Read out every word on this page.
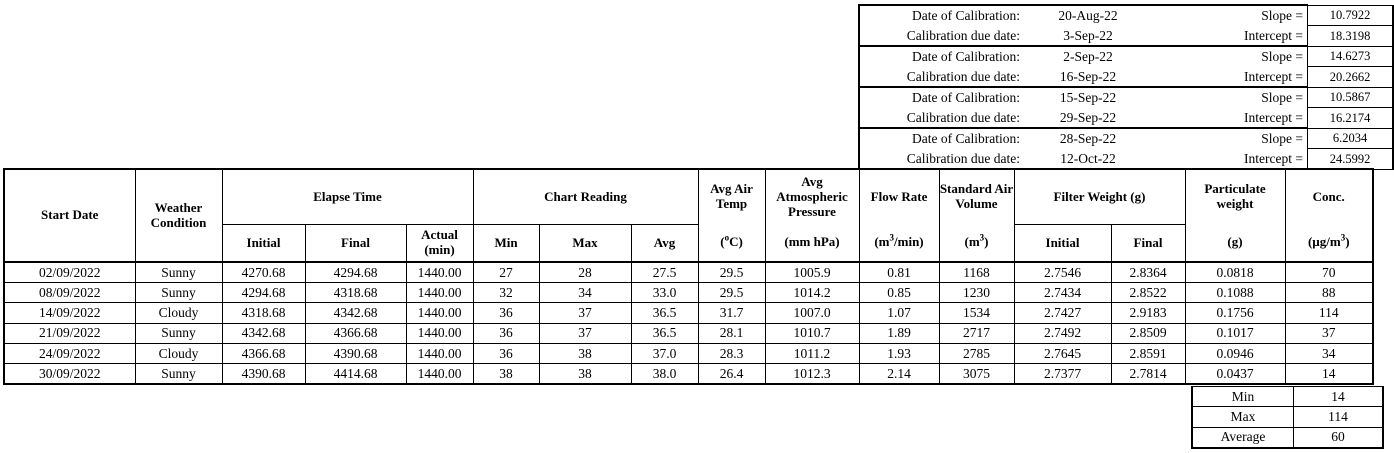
Date of Calibration:	20-Aug-22	Slope =	10.7922
Calibration due date:	3-Sep-22	Intercept =	18.3198
Date of Calibration:	2-Sep-22	Slope =	14.6273
Calibration due date:	16-Sep-22	Intercept =	20.2662
Date of Calibration:	15-Sep-22	Slope =	10.5867
Calibration due date:	29-Sep-22	Intercept =	16.2174
Date of Calibration:	28-Sep-22	Slope =	6.2034
Calibration due date:	12-Oct-22	Intercept =	24.5992
Start Date	Weather Condition	Elapse Time			Chart Reading			Avg Air Temp	Avg Atmospheric Pressure	Flow Rate	Standard Air Volume	Filter Weight (g)		Particulate weight	Conc.
		Initial	Final	Actual (min)	Min	Max	Avg	($^o$C)	(mm hPa)	$(m^3/\min)$	$(m^3)$	Initial	Final	(g)	$(\mu g/m^3)$
02/09/2022	Sunny	4270.68	4294.68	1440.00	27	28	27.5	29.5	1005.9	0.81	1168	2.7546	2.8364	0.0818	70
08/09/2022	Sunny	4294.68	4318.68	1440.00	32	34	33.0	29.5	1014.2	0.85	1230	2.7434	2.8522	0.1088	88
14/09/2022	Cloudy	4318.68	4342.68	1440.00	36	37	36.5	31.7	1007.0	1.07	1534	2.7427	2.9183	0.1756	114
21/09/2022	Sunny	4342.68	4366.68	1440.00	36	37	36.5	28.1	1010.7	1.89	2717	2.7492	2.8509	0.1017	37
24/09/2022	Cloudy	4366.68	4390.68	1440.00	36	38	37.0	28.3	1011.2	1.93	2785	2.7645	2.8591	0.0946	34
30/09/2022	Sunny	4390.68	4414.68	1440.00	38	38	38.0	26.4	1012.3	2.14	3075	2.7377	2.7814	0.0437	14
Min	14
Max	114
Average	60
